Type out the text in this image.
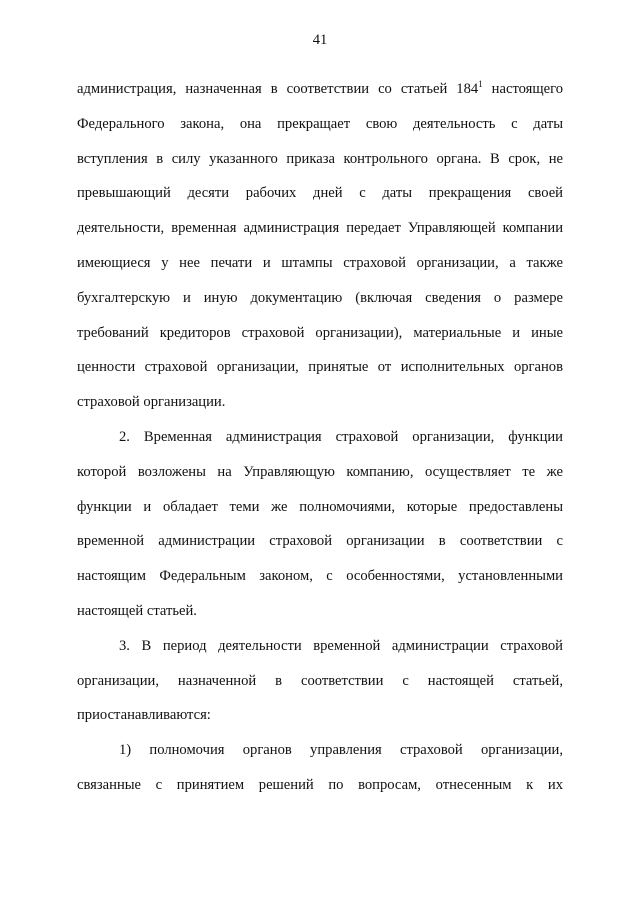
41
администрация, назначенная в соответствии со статьей $184^1$ настоящего
Федерального закона, она прекращает свою деятельность с даты
вступления в силу указанного приказа контрольного органа. В срок, не
превышающий десяти рабочих дней с даты прекращения своей
деятельности, временная администрация передает Управляющей компании
имеющиеся у нее печати и штампы страховой организации, а также
бухгалтерскую и иную документацию (включая сведения о размере
требований кредиторов страховой организации), материальные и иные
ценности страховой организации, принятые от исполнительных органов
страховой организации.
2. Временная администрация страховой организации, функции
которой возложены на Управляющую компанию, осуществляет те же
функции и обладает теми же полномочиями, которые предоставлены
временной администрации страховой организации в соответствии с
настоящим Федеральным законом, с особенностями, установленными
настоящей статьей.
3. В период деятельности временной администрации страховой
организации, назначенной в соответствии с настоящей статьей,
приостанавливаются:
1) полномочия органов управления страховой организации,
связанные с принятием решений по вопросам, отнесенным к их
